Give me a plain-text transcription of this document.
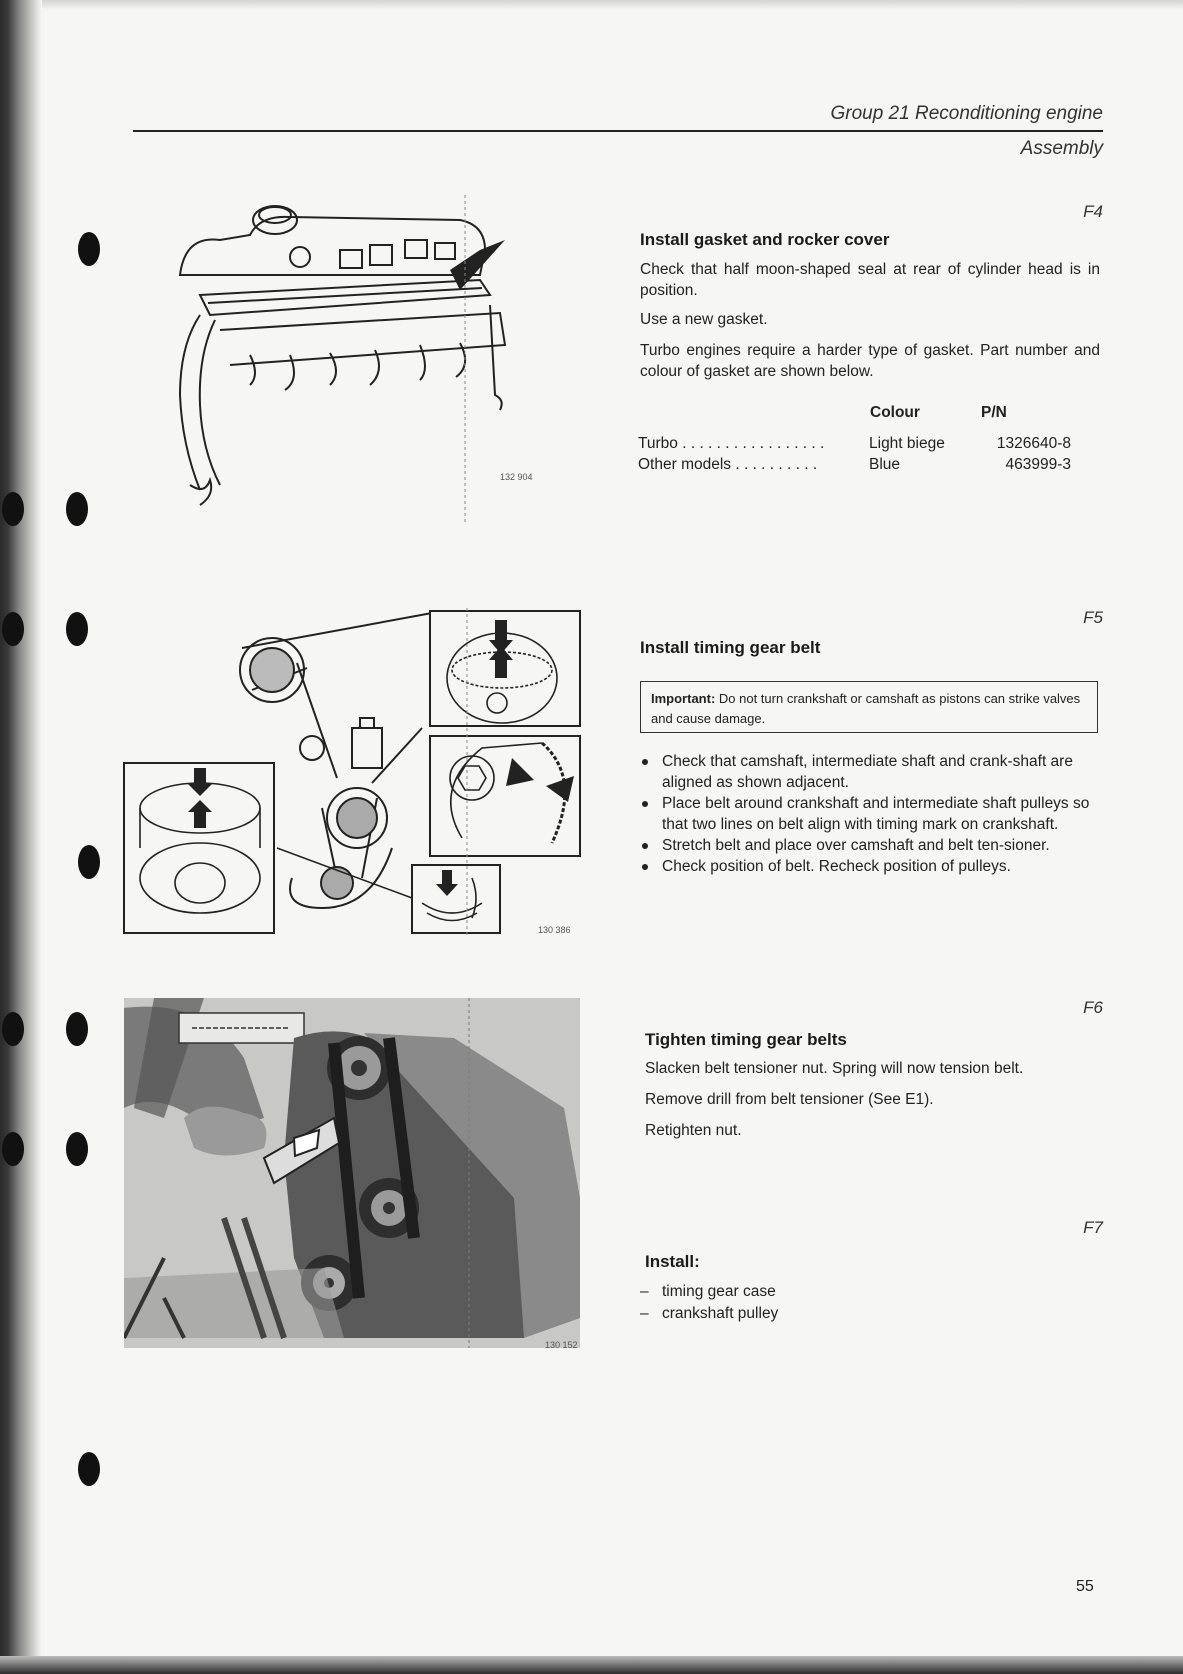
Group 21 Reconditioning engine
Assembly
F4
Install gasket and rocker cover
Check that half moon-shaped seal at rear of cylinder head is in position.
Use a new gasket.
Turbo engines require a harder type of gasket. Part number and colour of gasket are shown below.
Colour	P/N
Turbo . . . . . . . . . . . . . . . . .	Light biege	1326640-8
Other models . . . . . . . . . .	Blue	463999-3
132 904
F5
Install timing gear belt
Important: Do not turn crankshaft or camshaft as pistons can strike valves and cause damage.
Check that camshaft, intermediate shaft and crank-shaft are aligned as shown adjacent.
Place belt around crankshaft and intermediate shaft pulleys so that two lines on belt align with timing mark on crankshaft.
Stretch belt and place over camshaft and belt ten-sioner.
Check position of belt. Recheck position of pulleys.
130 386
F6
Tighten timing gear belts
Slacken belt tensioner nut. Spring will now tension belt.
Remove drill from belt tensioner (See E1).
Retighten nut.
130 152
F7
Install:
– timing gear case
– crankshaft pulley
55
